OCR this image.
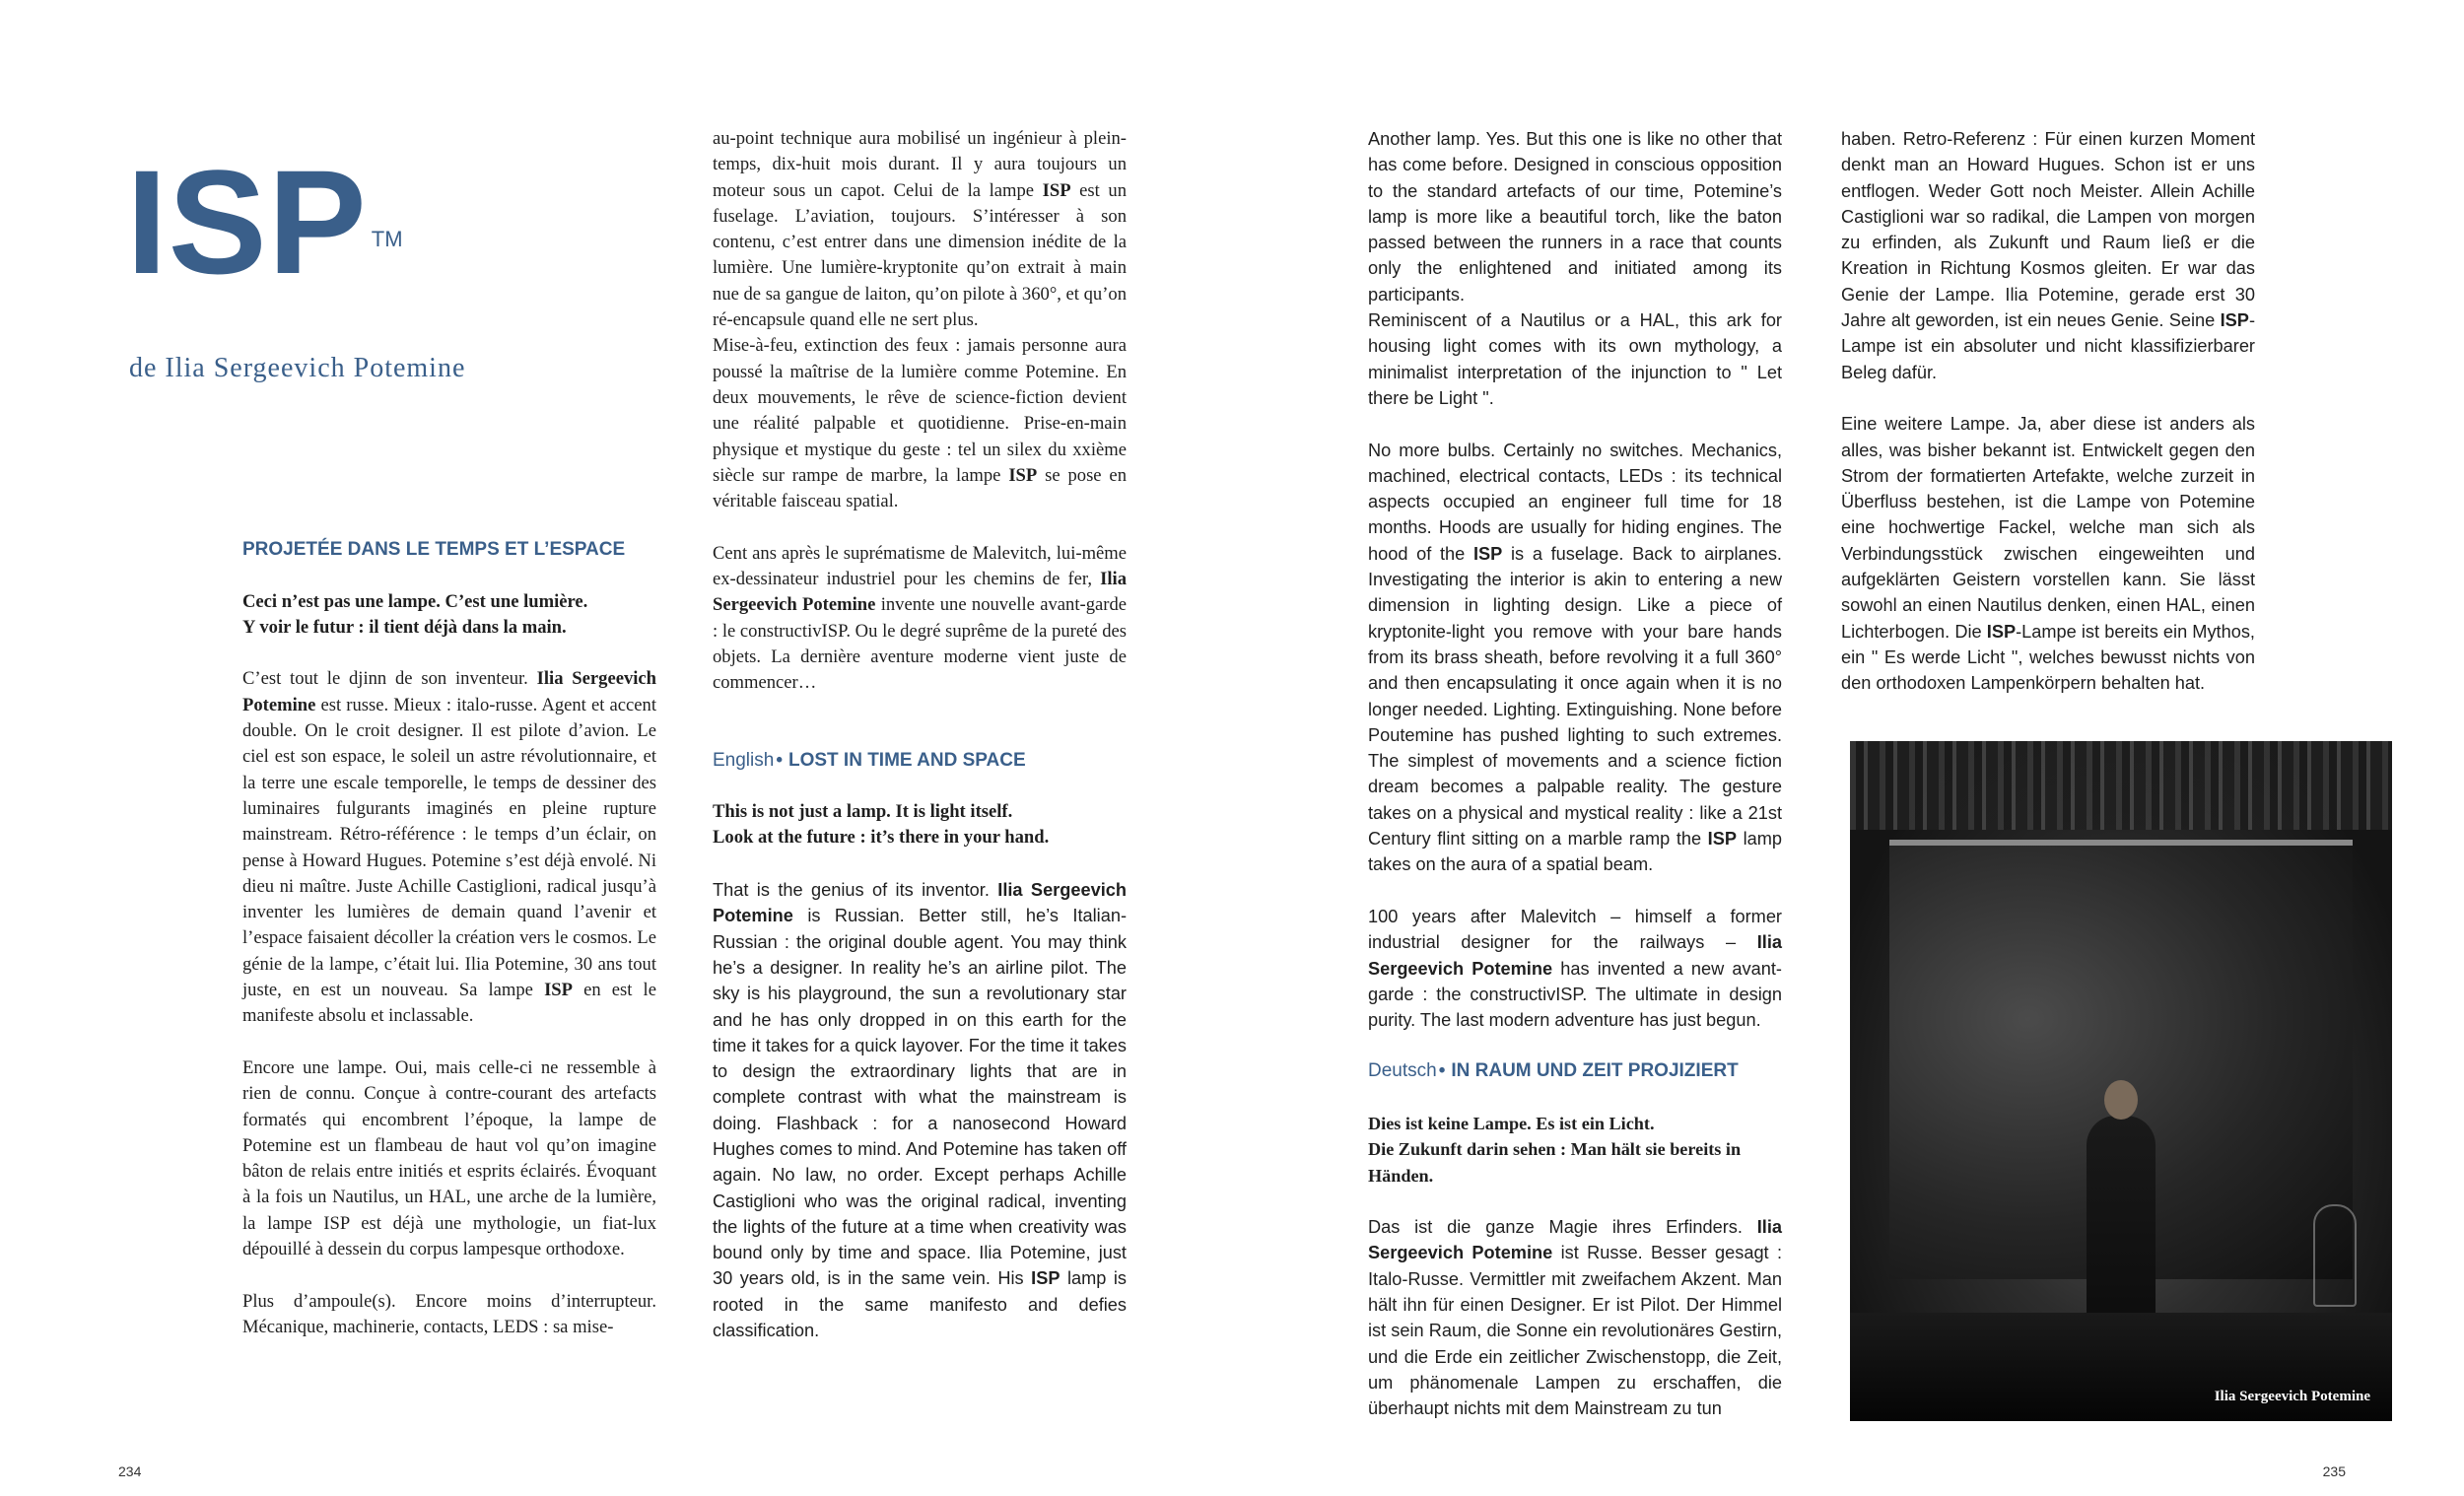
ISP ™

de Ilia Sergeevich Potemine

PROJETÉE DANS LE TEMPS ET L’ESPACE

Ceci n’est pas une lampe. C’est une lumière.
Y voir le futur : il tient déjà dans la main.

C’est tout le djinn de son inventeur. Ilia Sergeevich Potemine est russe. Mieux : italo-russe. Agent et accent double. On le croit designer. Il est pilote d’avion. Le ciel est son espace, le soleil un astre révolutionnaire, et la terre une escale temporelle, le temps de dessiner des luminaires fulgurants imaginés en pleine rupture mainstream. Rétro-référence : le temps d’un éclair, on pense à Howard Hugues. Potemine s’est déjà envolé. Ni dieu ni maître. Juste Achille Castiglioni, radical jusqu’à inventer les lumières de demain quand l’avenir et l’espace faisaient décoller la création vers le cosmos. Le génie de la lampe, c’était lui. Ilia Potemine, 30 ans tout juste, en est un nouveau. Sa lampe ISP en est le manifeste absolu et inclassable.

Encore une lampe. Oui, mais celle-ci ne ressemble à rien de connu. Conçue à contre-courant des artefacts formatés qui encombrent l’époque, la lampe de Potemine est un flambeau de haut vol qu’on imagine bâton de relais entre initiés et esprits éclairés. Évoquant à la fois un Nautilus, un HAL, une arche de la lumière, la lampe ISP est déjà une mythologie, un fiat-lux dépouillé à dessein du corpus lampesque orthodoxe.

Plus d’ampoule(s). Encore moins d’interrupteur. Mécanique, machinerie, contacts, LEDS : sa mise-

au-point technique aura mobilisé un ingénieur à plein-temps, dix-huit mois durant. Il y aura toujours un moteur sous un capot. Celui de la lampe ISP est un fuselage. L’aviation, toujours. S’intéresser à son contenu, c’est entrer dans une dimension inédite de la lumière. Une lumière-kryptonite qu’on extrait à main nue de sa gangue de laiton, qu’on pilote à 360°, et qu’on ré-encapsule quand elle ne sert plus.

Mise-à-feu, extinction des feux : jamais personne aura poussé la maîtrise de la lumière comme Potemine. En deux mouvements, le rêve de science-fiction devient une réalité palpable et quotidienne. Prise-en-main physique et mystique du geste : tel un silex du xxième siècle sur rampe de marbre, la lampe ISP se pose en véritable faisceau spatial.

Cent ans après le suprématisme de Malevitch, lui-même ex-dessinateur industriel pour les chemins de fer, Ilia Sergeevich Potemine invente une nouvelle avant-garde : le constructivISP. Ou le degré suprême de la pureté des objets. La dernière aventure moderne vient juste de commencer…

English • LOST IN TIME AND SPACE

This is not just a lamp. It is light itself.
Look at the future : it’s there in your hand.

That is the genius of its inventor. Ilia Sergeevich Potemine is Russian. Better still, he’s Italian-Russian : the original double agent. You may think he’s a designer. In reality he’s an airline pilot. The sky is his playground, the sun a revolutionary star and he has only dropped in on this earth for the time it takes for a quick layover. For the time it takes to design the extraordinary lights that are in complete contrast with what the mainstream is doing. Flashback : for a nanosecond Howard Hughes comes to mind. And Potemine has taken off again. No law, no order. Except perhaps Achille Castiglioni who was the original radical, inventing the lights of the future at a time when creativity was bound only by time and space. Ilia Potemine, just 30 years old, is in the same vein. His ISP lamp is rooted in the same manifesto and defies classification.

234

Another lamp. Yes. But this one is like no other that has come before. Designed in conscious opposition to the standard artefacts of our time, Potemine’s lamp is more like a beautiful torch, like the baton passed between the runners in a race that counts only the enlightened and initiated among its participants.

Reminiscent of a Nautilus or a HAL, this ark for housing light comes with its own mythology, a minimalist interpretation of the injunction to " Let there be Light ".

No more bulbs. Certainly no switches. Mechanics, machined, electrical contacts, LEDs : its technical aspects occupied an engineer full time for 18 months. Hoods are usually for hiding engines. The hood of the ISP is a fuselage. Back to airplanes. Investigating the interior is akin to entering a new dimension in lighting design. Like a piece of kryptonite-light you remove with your bare hands from its brass sheath, before revolving it a full 360° and then encapsulating it once again when it is no longer needed. Lighting. Extinguishing. None before Poutemine has pushed lighting to such extremes. The simplest of movements and a science fiction dream becomes a palpable reality. The gesture takes on a physical and mystical reality : like a 21st Century flint sitting on a marble ramp the ISP lamp takes on the aura of a spatial beam.

100 years after Malevitch – himself a former industrial designer for the railways – Ilia Sergeevich Potemine has invented a new avant-garde : the constructivISP. The ultimate in design purity. The last modern adventure has just begun.

Deutsch • IN RAUM UND ZEIT PROJIZIERT

Dies ist keine Lampe. Es ist ein Licht.
Die Zukunft darin sehen : Man hält sie bereits in Händen.

Das ist die ganze Magie ihres Erfinders. Ilia Sergeevich Potemine ist Russe. Besser gesagt : Italo-Russe. Vermittler mit zweifachem Akzent. Man hält ihn für einen Designer. Er ist Pilot. Der Himmel ist sein Raum, die Sonne ein revolutionäres Gestirn, und die Erde ein zeitlicher Zwischenstopp, die Zeit, um phänomenale Lampen zu erschaffen, die überhaupt nichts mit dem Mainstream zu tun

haben. Retro-Referenz : Für einen kurzen Moment denkt man an Howard Hugues. Schon ist er uns entflogen. Weder Gott noch Meister. Allein Achille Castiglioni war so radikal, die Lampen von morgen zu erfinden, als Zukunft und Raum ließ er die Kreation in Richtung Kosmos gleiten. Er war das Genie der Lampe. Ilia Potemine, gerade erst 30 Jahre alt geworden, ist ein neues Genie. Seine ISP-Lampe ist ein absoluter und nicht klassifizierbarer Beleg dafür.

Eine weitere Lampe. Ja, aber diese ist anders als alles, was bisher bekannt ist. Entwickelt gegen den Strom der formatierten Artefakte, welche zurzeit in Überfluss bestehen, ist die Lampe von Potemine eine hochwertige Fackel, welche man sich als Verbindungsstück zwischen eingeweihten und aufgeklärten Geistern vorstellen kann. Sie lässt sowohl an einen Nautilus denken, einen HAL, einen Lichterbogen. Die ISP-Lampe ist bereits ein Mythos, ein " Es werde Licht ", welches bewusst nichts von den orthodoxen Lampenkörpern behalten hat.

Ilia Sergeevich Potemine

235
